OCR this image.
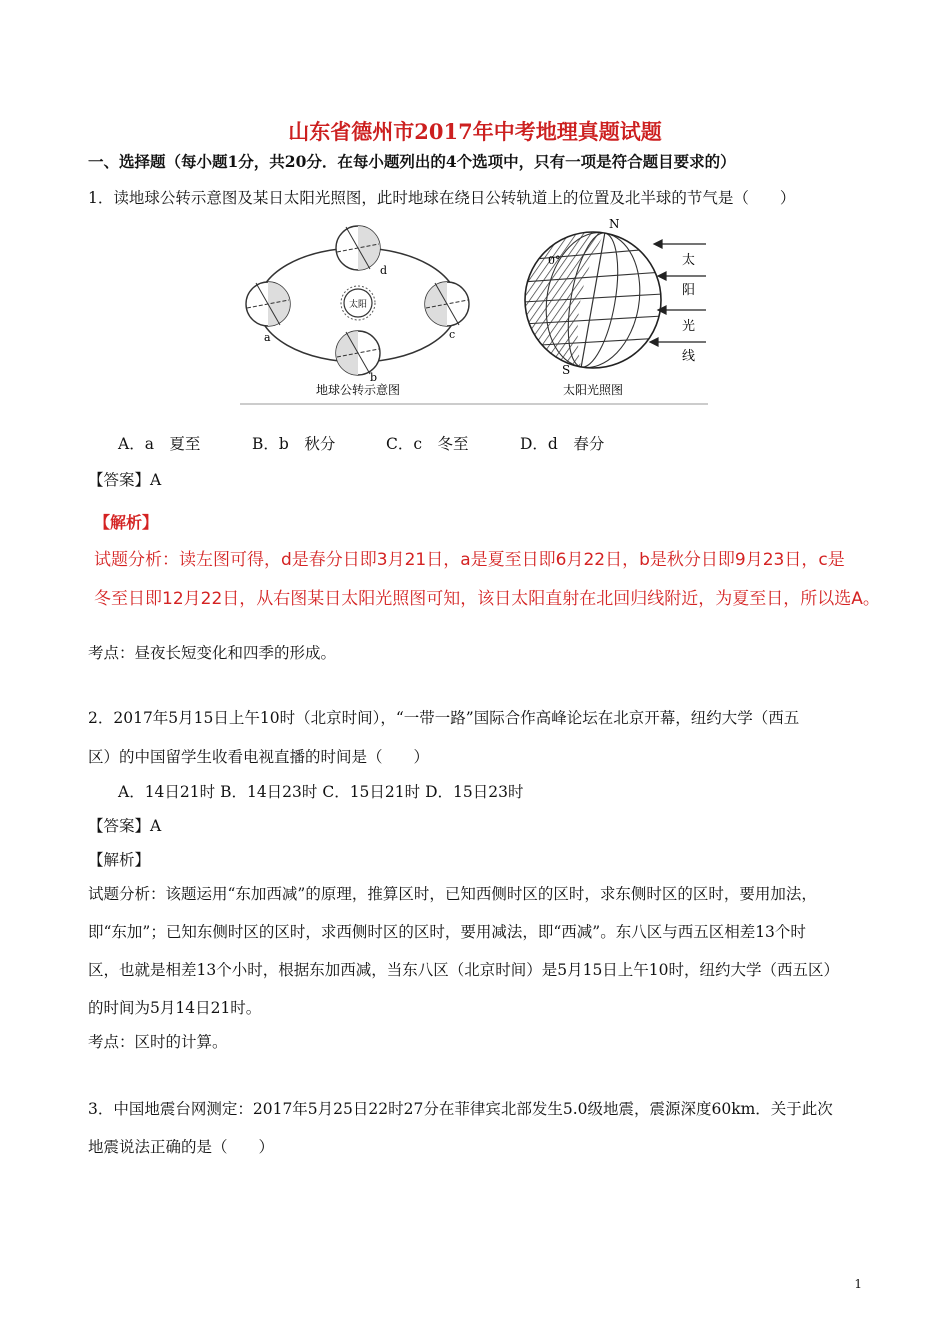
山东省德州市2017年中考地理真题试题
一、选择题（每小题1分，共20分．在每小题列出的4个选项中，只有一项是符合题目要求的）
1．读地球公转示意图及某日太阳光照图，此时地球在绕日公转轨道上的位置及北半球的节气是（　　）
太阳
a
b
c
d
地球公转示意图
N
S
0°	太
阳
光
线
太阳光照图
A．a　夏至	B．b　秋分	C．c　冬至	D．d　春分
【答案】A
【解析】
试题分析：读左图可得，d是春分日即3月21日，a是夏至日即6月22日，b是秋分日即9月23日，c是
冬至日即12月22日，从右图某日太阳光照图可知，该日太阳直射在北回归线附近，为夏至日，所以选A。
考点：昼夜长短变化和四季的形成。
2．2017年5月15日上午10时（北京时间），“一带一路”国际合作高峰论坛在北京开幕，纽约大学（西五
区）的中国留学生收看电视直播的时间是（　　）
A．14日21时 B．14日23时 C．15日21时 D．15日23时
【答案】A
【解析】
试题分析：该题运用“东加西减”的原理，推算区时，已知西侧时区的区时，求东侧时区的区时，要用加法，
即“东加”；已知东侧时区的区时，求西侧时区的区时，要用减法，即“西减”。东八区与西五区相差13个时
区，也就是相差13个小时，根据东加西减，当东八区（北京时间）是5月15日上午10时，纽约大学（西五区）
的时间为5月14日21时。
考点：区时的计算。
3．中国地震台网测定：2017年5月25日22时27分在菲律宾北部发生5.0级地震，震源深度60km．关于此次
地震说法正确的是（　　）
1
